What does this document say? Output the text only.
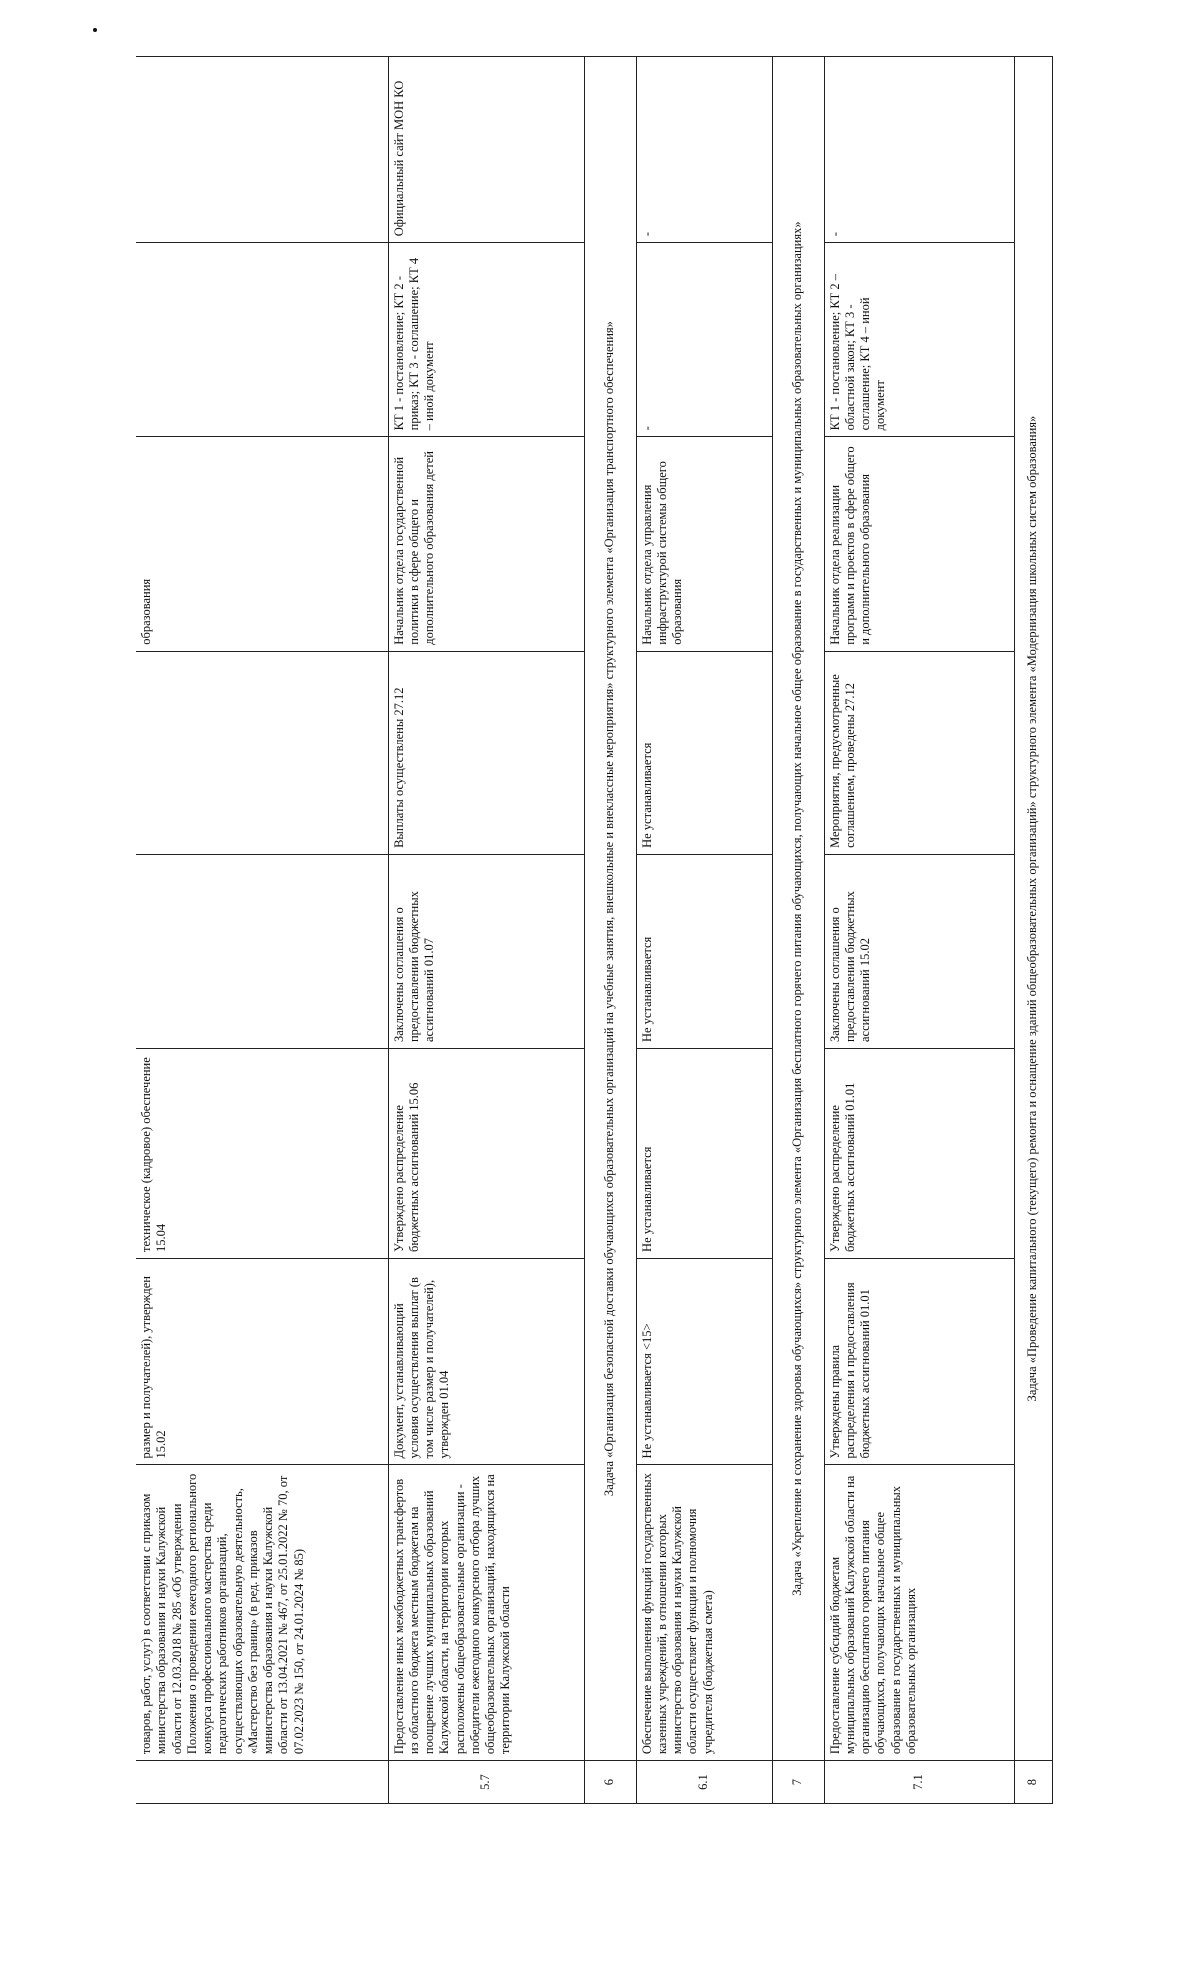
	товаров, работ, услуг) в соответствии с приказом министерства образования и науки Калужской области от 12.03.2018 № 285 «Об утверждении Положения о проведении ежегодного регионального конкурса профессионального мастерства среди педагогических работников организаций, осуществляющих образовательную деятельность, «Мастерство без границ» (в ред. приказов министерства образования и науки Калужской области от 13.04.2021 № 467, от 25.01.2022 № 70, от 07.02.2023 № 150, от 24.01.2024 № 85)	размер и получателей), утвержден 15.02	техническое (кадровое) обеспечение 15.04			образования		
5.7	Предоставление иных межбюджетных трансфертов из областного бюджета местным бюджетам на поощрение лучших муниципальных образований Калужской области, на территории которых расположены общеобразовательные организации - победители ежегодного конкурсного отбора лучших общеобразовательных организаций, находящихся на территории Калужской области	Документ, устанавливающий условия осуществления выплат (в том числе размер и получателей), утвержден 01.04	Утверждено распределение бюджетных ассигнований 15.06	Заключены соглашения о предоставлении бюджетных ассигнований 01.07	Выплаты осуществлены 27.12	Начальник отдела государственной политики в сфере общего и дополнительного образования детей	КТ 1 - постановление; КТ 2 - приказ; КТ 3 - соглашение; КТ 4 – иной документ	Официальный сайт МОН КО
6	Задача «Организация безопасной доставки обучающихся образовательных организаций на учебные занятия, внешкольные и внеклассные мероприятия» структурного элемента «Организация транспортного обеспечения»							
6.1	Обеспечение выполнения функций государственных казенных учреждений, в отношении которых министерство образования и науки Калужской области осуществляет функции и полномочия учредителя (бюджетная смета)	Не устанавливается <15>	Не устанавливается	Не устанавливается	Не устанавливается	Начальник отдела управления инфраструктурой системы общего образования	-	-
7	Задача «Укрепление и сохранение здоровья обучающихся» структурного элемента «Организация бесплатного горячего питания обучающихся, получающих начальное общее образование в государственных и муниципальных образовательных организациях»							
7.1	Предоставление субсидий бюджетам муниципальных образований Калужской области на организацию бесплатного горячего питания обучающихся, получающих начальное общее образование в государственных и муниципальных образовательных организациях	Утверждены правила распределения и предоставления бюджетных ассигнований 01.01	Утверждено распределение бюджетных ассигнований 01.01	Заключены соглашения о предоставлении бюджетных ассигнований 15.02	Мероприятия, предусмотренные соглашением, проведены 27.12	Начальник отдела реализации программ и проектов в сфере общего и дополнительного образования	КТ 1 - постановление; КТ 2 – областной закон; КТ 3 - соглашение; КТ 4 – иной документ	-
8	Задача «Проведение капитального (текущего) ремонта и оснащение зданий общеобразовательных организаций» структурного элемента «Модернизация школьных систем образования»							
